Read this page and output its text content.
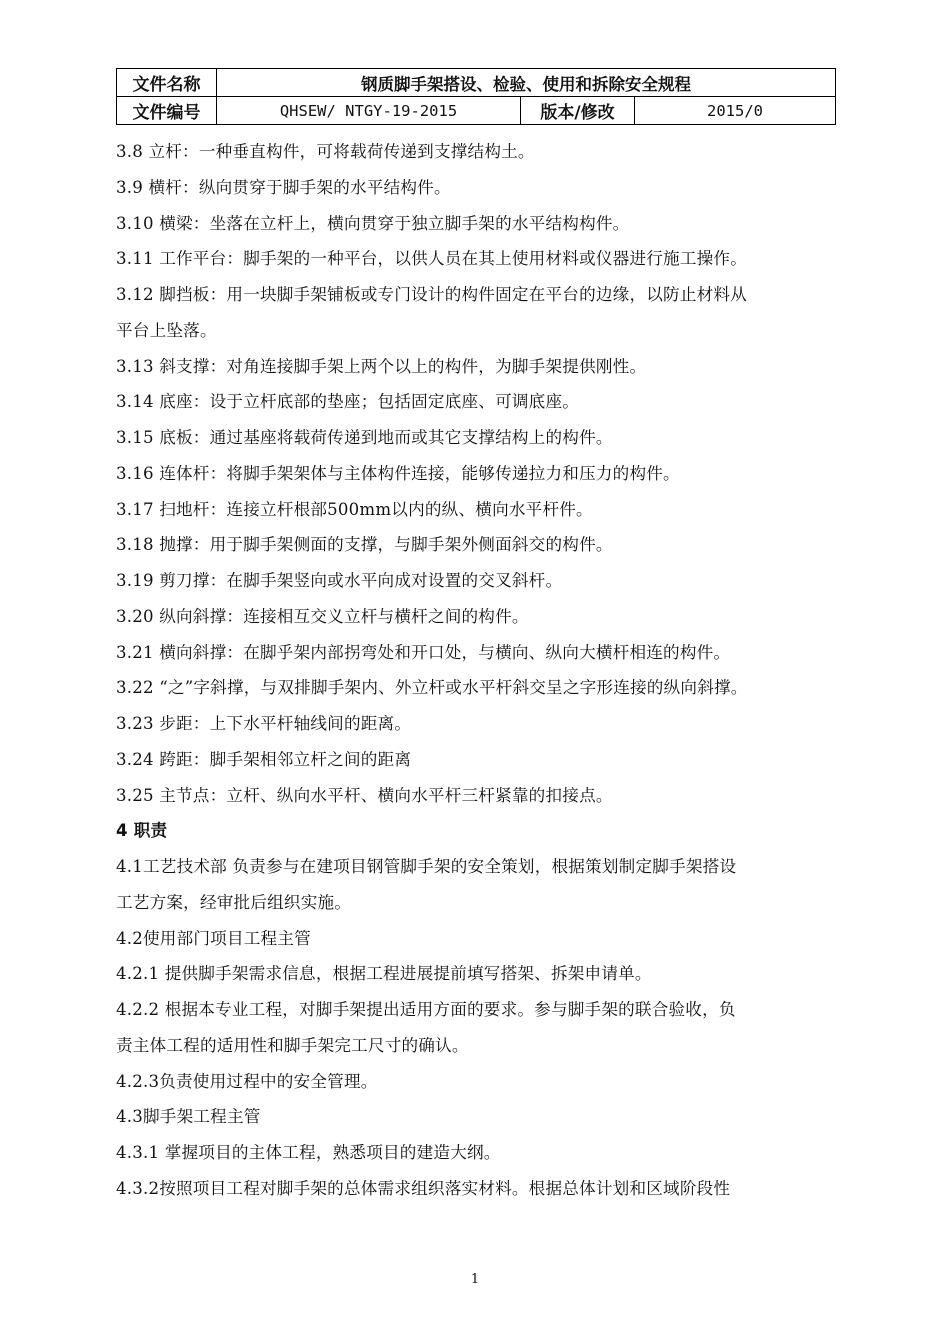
文件名称	钢质脚手架搭设、检验、使用和拆除安全规程		
文件编号	QHSEW/ NTGY-19-2015	版本/修改	2015/0
3.8 立杆：一种垂直构件，可将载荷传递到支撑结构土。
3.9 横杆：纵向贯穿于脚手架的水平结构件。
3.10 横梁：坐落在立杆上，横向贯穿于独立脚手架的水平结构构件。
3.11 工作平台：脚手架的一种平台，以供人员在其上使用材料或仪器进行施工操作。
3.12 脚挡板：用一块脚手架铺板或专门设计的构件固定在平台的边缘，以防止材料从
平台上坠落。
3.13 斜支撑：对角连接脚手架上两个以上的构件，为脚手架提供刚性。
3.14 底座：设于立杆底部的垫座；包括固定底座、可调底座。
3.15 底板：通过基座将载荷传递到地而或其它支撑结构上的构件。
3.16 连体杆：将脚手架架体与主体构件连接，能够传递拉力和压力的构件。
3.17 扫地杆：连接立杆根部500mm以内的纵、横向水平杆件。
3.18 抛撑：用于脚手架侧面的支撑，与脚手架外侧面斜交的构件。
3.19 剪刀撑：在脚手架竖向或水平向成对设置的交叉斜杆。
3.20 纵向斜撑：连接相互交义立杆与横杆之间的构件。
3.21 横向斜撑：在脚乎架内部拐弯处和开口处，与横向、纵向大横杆相连的构件。
3.22 “之”字斜撑，与双排脚手架内、外立杆或水平杆斜交呈之字形连接的纵向斜撑。
3.23 步距：上下水平杆轴线间的距离。
3.24 跨距：脚手架相邻立杆之间的距离
3.25 主节点：立杆、纵向水平杆、横向水平杆三杆紧靠的扣接点。
4 职责
4.1工艺技术部 负责参与在建项目钢管脚手架的安全策划，根据策划制定脚手架搭设
工艺方案，经审批后组织实施。
4.2使用部门项目工程主管
4.2.1 提供脚手架需求信息，根据工程进展提前填写搭架、拆架申请单。
4.2.2 根据本专业工程，对脚手架提出适用方面的要求。参与脚手架的联合验收，负
责主体工程的适用性和脚手架完工尺寸的确认。
4.2.3负责使用过程中的安全管理。
4.3脚手架工程主管
4.3.1 掌握项目的主体工程，熟悉项目的建造大纲。
4.3.2按照项目工程对脚手架的总体需求组织落实材料。根据总体计划和区域阶段性
1
